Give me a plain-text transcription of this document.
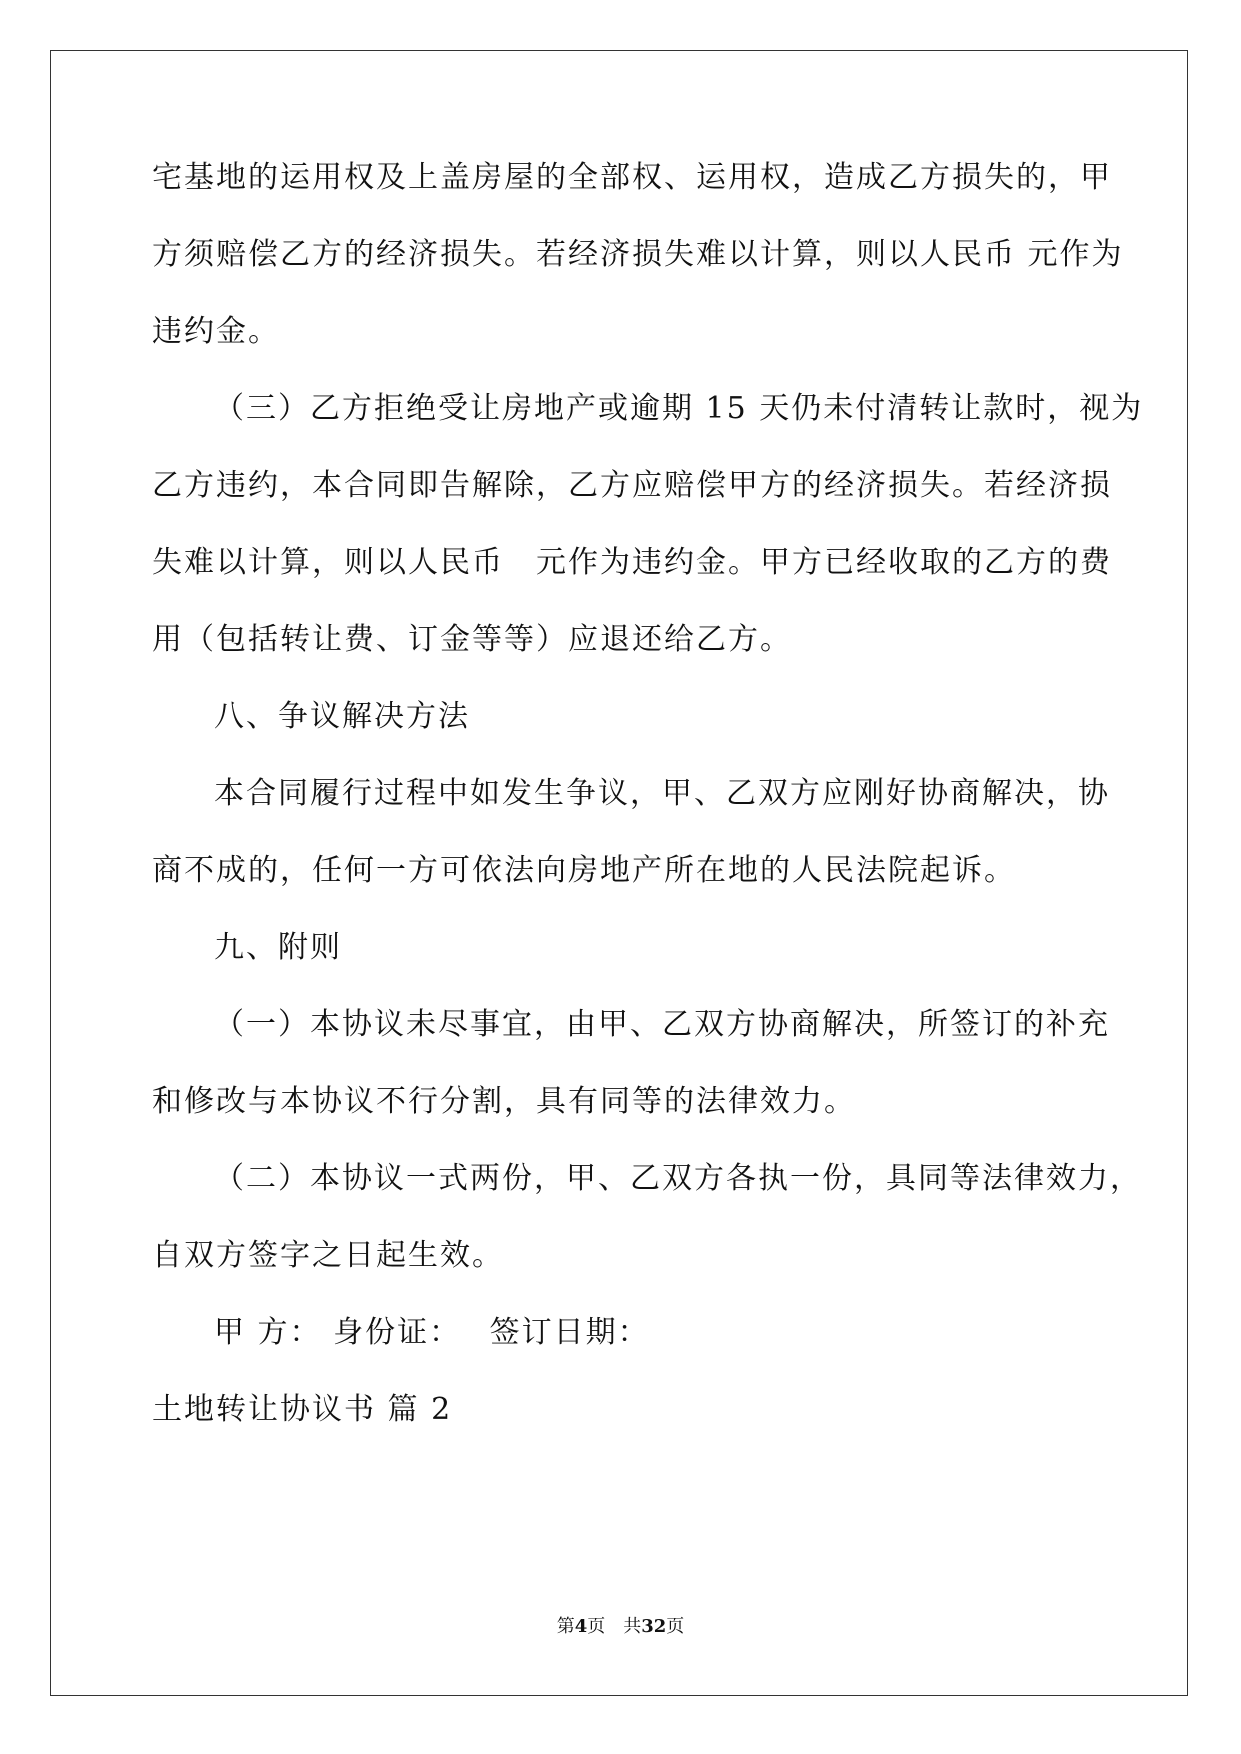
宅基地的运用权及上盖房屋的全部权、运用权，造成乙方损失的，甲
方须赔偿乙方的经济损失。若经济损失难以计算，则以人民币 元作为
违约金。
（三）乙方拒绝受让房地产或逾期 15 天仍未付清转让款时，视为
乙方违约，本合同即告解除，乙方应赔偿甲方的经济损失。若经济损
失难以计算，则以人民币　元作为违约金。甲方已经收取的乙方的费
用（包括转让费、订金等等）应退还给乙方。
八、争议解决方法
本合同履行过程中如发生争议，甲、乙双方应刚好协商解决，协
商不成的，任何一方可依法向房地产所在地的人民法院起诉。
九、附则
（一）本协议未尽事宜，由甲、乙双方协商解决，所签订的补充
和修改与本协议不行分割，具有同等的法律效力。
（二）本协议一式两份，甲、乙双方各执一份，具同等法律效力，
自双方签字之日起生效。
甲 方： 身份证：　 签订日期：
土地转让协议书 篇 2
第4页　共32页
